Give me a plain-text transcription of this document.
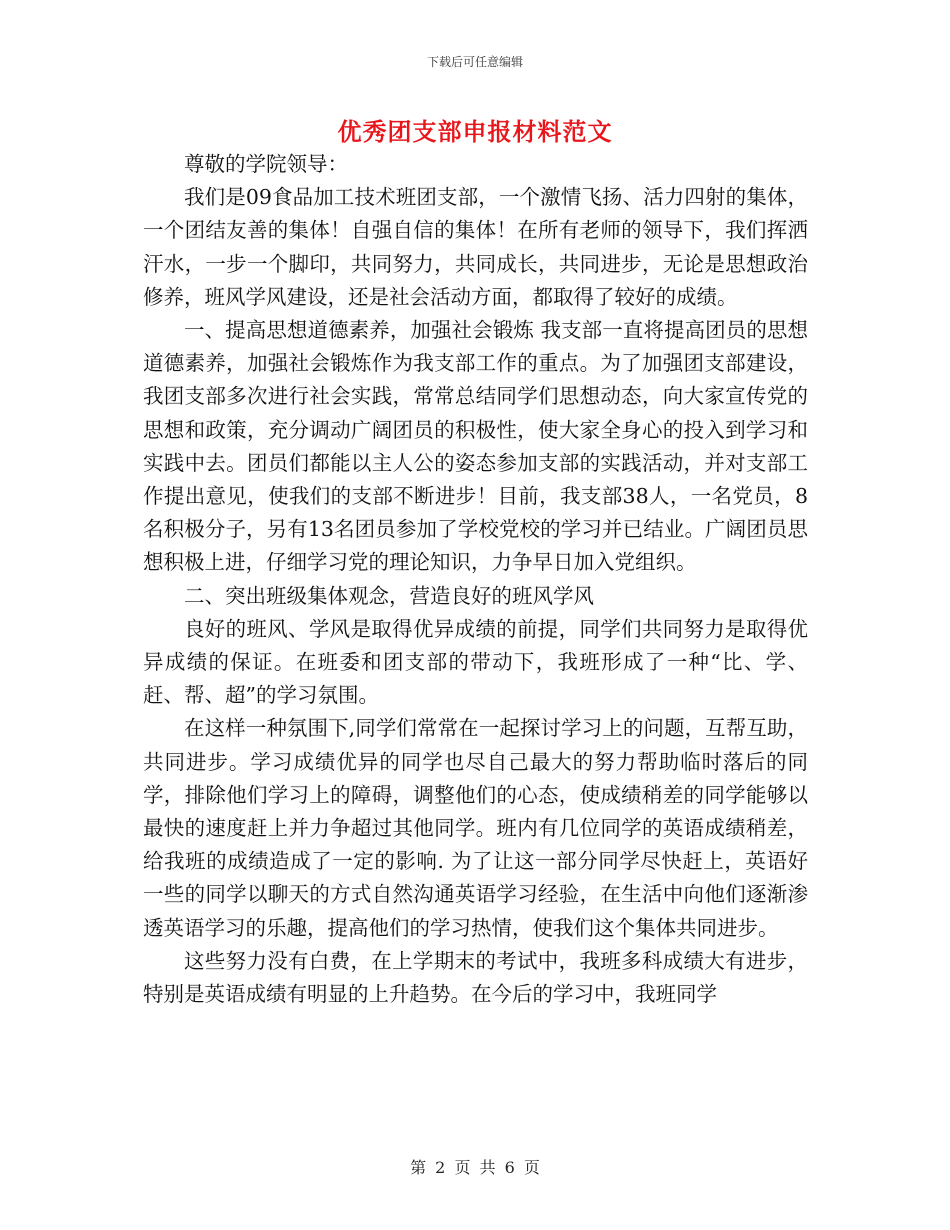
下载后可任意编辑
优秀团支部申报材料范文

尊敬的学院领导：

我们是09食品加工技术班团支部，一个激情飞扬、活力四射的集体，一个团结友善的集体！自强自信的集体！在所有老师的领导下，我们挥洒汗水，一步一个脚印，共同努力，共同成长，共同进步，无论是思想政治修养，班风学风建设，还是社会活动方面，都取得了较好的成绩。

一、提高思想道德素养，加强社会锻炼 我支部一直将提高团员的思想道德素养，加强社会锻炼作为我支部工作的重点。为了加强团支部建设，我团支部多次进行社会实践，常常总结同学们思想动态，向大家宣传党的思想和政策，充分调动广阔团员的积极性，使大家全身心的投入到学习和实践中去。团员们都能以主人公的姿态参加支部的实践活动，并对支部工作提出意见，使我们的支部不断进步！目前，我支部38人，一名党员，8名积极分子，另有13名团员参加了学校党校的学习并已结业。广阔团员思想积极上进，仔细学习党的理论知识，力争早日加入党组织。

二、突出班级集体观念，营造良好的班风学风

良好的班风、学风是取得优异成绩的前提，同学们共同努力是取得优异成绩的保证。在班委和团支部的带动下，我班形成了一种“比、学、赶、帮、超”的学习氛围。

在这样一种氛围下,同学们常常在一起探讨学习上的问题，互帮互助，共同进步。学习成绩优异的同学也尽自己最大的努力帮助临时落后的同学，排除他们学习上的障碍，调整他们的心态，使成绩稍差的同学能够以最快的速度赶上并力争超过其他同学。班内有几位同学的英语成绩稍差，给我班的成绩造成了一定的影响. 为了让这一部分同学尽快赶上，英语好一些的同学以聊天的方式自然沟通英语学习经验，在生活中向他们逐渐渗透英语学习的乐趣，提高他们的学习热情，使我们这个集体共同进步。

这些努力没有白费，在上学期末的考试中，我班多科成绩大有进步，特别是英语成绩有明显的上升趋势。在今后的学习中，我班同学

第 2 页 共 6 页
